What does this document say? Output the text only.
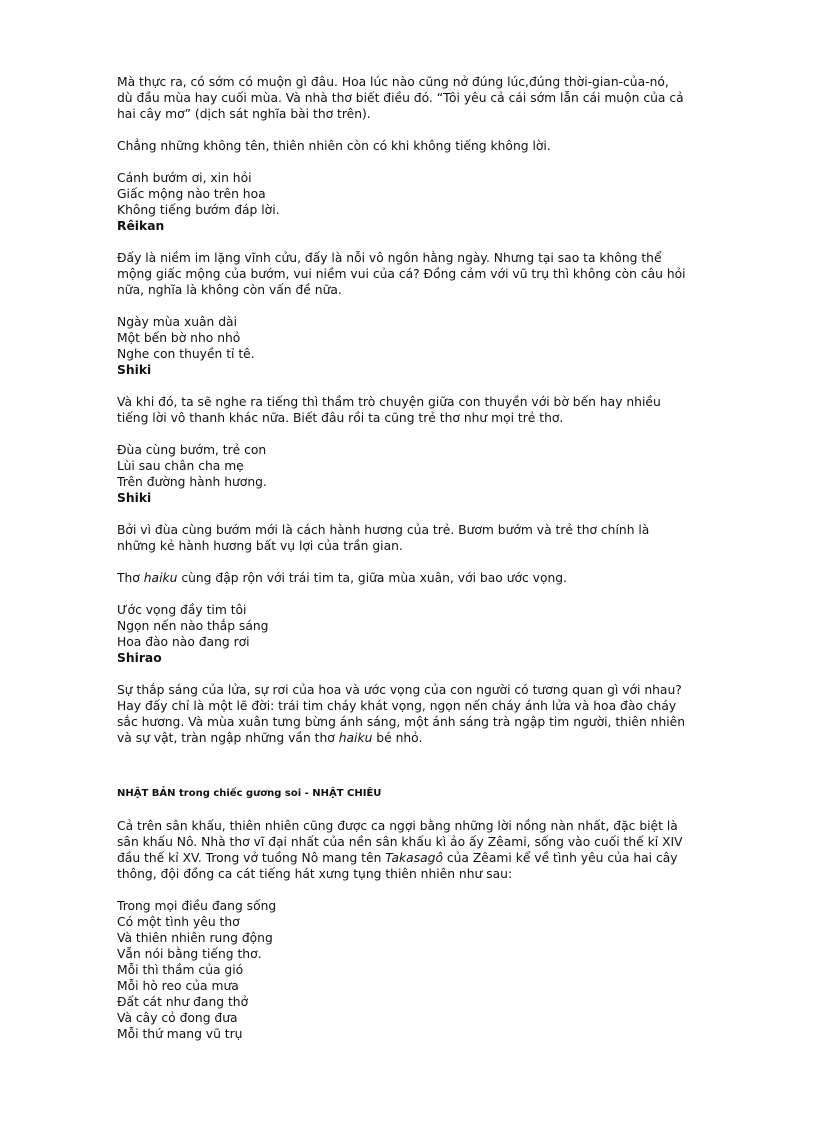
Mà thực ra, có sớm có muộn gì đâu. Hoa lúc nào cũng nở đúng lúc,đúng thời-gian-của-nó,

dù đầu mùa hay cuối mùa. Và nhà thơ biết điều đó. “Tôi yêu cả cái sớm lẫn cái muộn của cả

hai cây mơ” (dịch sát nghĩa bài thơ trên).

Chẳng những không tên, thiên nhiên còn có khi không tiếng không lời.

Cánh bướm ơi, xin hỏi

Giấc mộng nào trên hoa

Không tiếng bướm đáp lời.

Rêikan

Đấy là niềm im lặng vĩnh cửu, đấy là nỗi vô ngôn hằng ngày. Nhưng tại sao ta không thể

mộng giấc mộng của bướm, vui niềm vui của cá? Đồng cảm với vũ trụ thì không còn câu hỏi

nữa, nghĩa là không còn vấn đề nữa.

Ngày mùa xuân dài

Một bến bờ nho nhỏ

Nghe con thuyền tỉ tê.

Shiki

Và khi đó, ta sẽ nghe ra tiếng thì thầm trò chuyện giữa con thuyền với bờ bến hay nhiều

tiếng lời vô thanh khác nữa. Biết đâu rồi ta cũng trẻ thơ như mọi trẻ thơ.

Đùa cùng bướm, trẻ con

Lùi sau chân cha mẹ

Trên đường hành hương.

Shiki

Bởi vì đùa cùng bướm mới là cách hành hương của trẻ. Bươm bướm và trẻ thơ chính là

những kẻ hành hương bất vụ lợi của trần gian.

Thơ haiku cùng đập rộn với trái tim ta, giữa mùa xuân, với bao ước vọng.

Ước vọng đầy tim tôi

Ngọn nến nào thắp sáng

Hoa đào nào đang rơi

Shirao

Sự thắp sáng của lửa, sự rơi của hoa và ước vọng của con người có tương quan gì với nhau?

Hay đấy chỉ là một lẽ đời: trái tim cháy khát vọng, ngọn nến cháy ánh lửa và hoa đào cháy

sắc hương. Và mùa xuân tưng bừng ánh sáng, một ánh sáng trà ngập tim người, thiên nhiên

và sự vật, tràn ngập những vần thơ haiku bé nhỏ.

NHẬT BẢN trong chiếc gương soi - NHẬT CHIÊU

Cả trên sân khấu, thiên nhiên cũng được ca ngợi bằng những lời nồng nàn nhất, đặc biệt là

sân khấu Nô. Nhà thơ vĩ đại nhất của nền sân khấu kì ảo ấy Zêami, sống vào cuối thế kỉ XIV

đầu thế kỉ XV. Trong vở tuồng Nô mang tên Takasagô của Zêami kể về tình yêu của hai cây

thông, đội đồng ca cát tiếng hát xưng tụng thiên nhiên như sau:

Trong mọi điều đang sống

Có một tình yêu thơ

Và thiên nhiên rung động

Vẫn nói bằng tiếng thơ.

Mỗi thì thầm của gió

Mỗi hò reo của mưa

Đất cát như đang thở

Và cây cỏ đong đưa

Mỗi thứ mang vũ trụ
